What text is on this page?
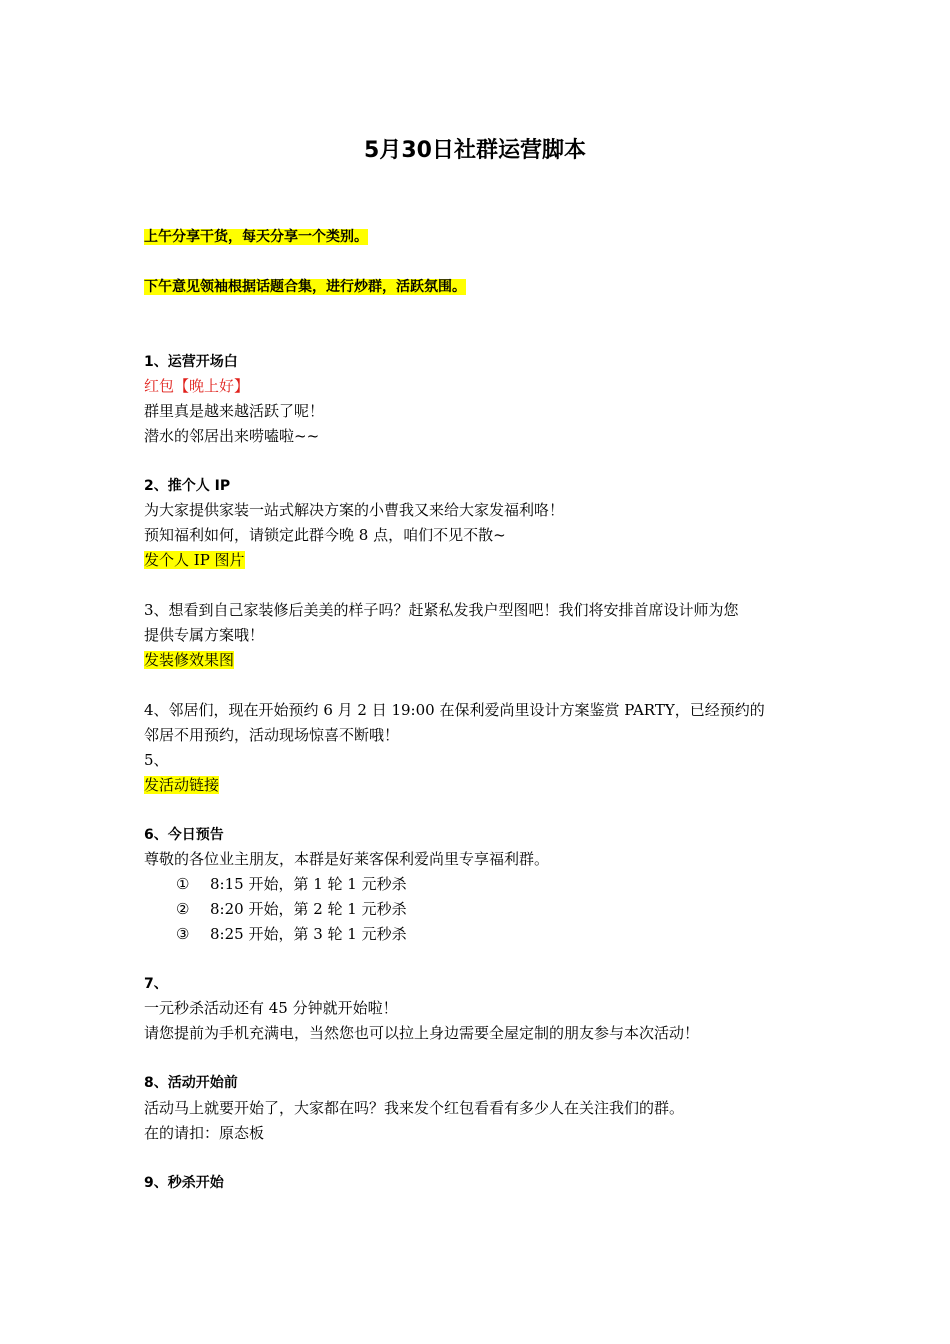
5月30日社群运营脚本
上午分享干货，每天分享一个类别。
下午意见领袖根据话题合集，进行炒群，活跃氛围。
1、运营开场白
红包【晚上好】
群里真是越来越活跃了呢！
潜水的邻居出来唠嗑啦~~
2、推个人 IP
为大家提供家装一站式解决方案的小曹我又来给大家发福利咯！
预知福利如何，请锁定此群今晚 8 点，咱们不见不散~
发个人 IP 图片
3、想看到自己家装修后美美的样子吗？赶紧私发我户型图吧！我们将安排首席设计师为您
提供专属方案哦！
发装修效果图
4、邻居们，现在开始预约 6 月 2 日 19:00 在保利爱尚里设计方案鉴赏 PARTY，已经预约的
邻居不用预约，活动现场惊喜不断哦！
5、
发活动链接
6、今日预告
尊敬的各位业主朋友，本群是好莱客保利爱尚里专享福利群。
① 8:15 开始，第 1 轮 1 元秒杀
② 8:20 开始，第 2 轮 1 元秒杀
③ 8:25 开始，第 3 轮 1 元秒杀
7、
一元秒杀活动还有 45 分钟就开始啦！
请您提前为手机充满电，当然您也可以拉上身边需要全屋定制的朋友参与本次活动！
8、活动开始前
活动马上就要开始了，大家都在吗？我来发个红包看看有多少人在关注我们的群。
在的请扣：原态板
9、秒杀开始
